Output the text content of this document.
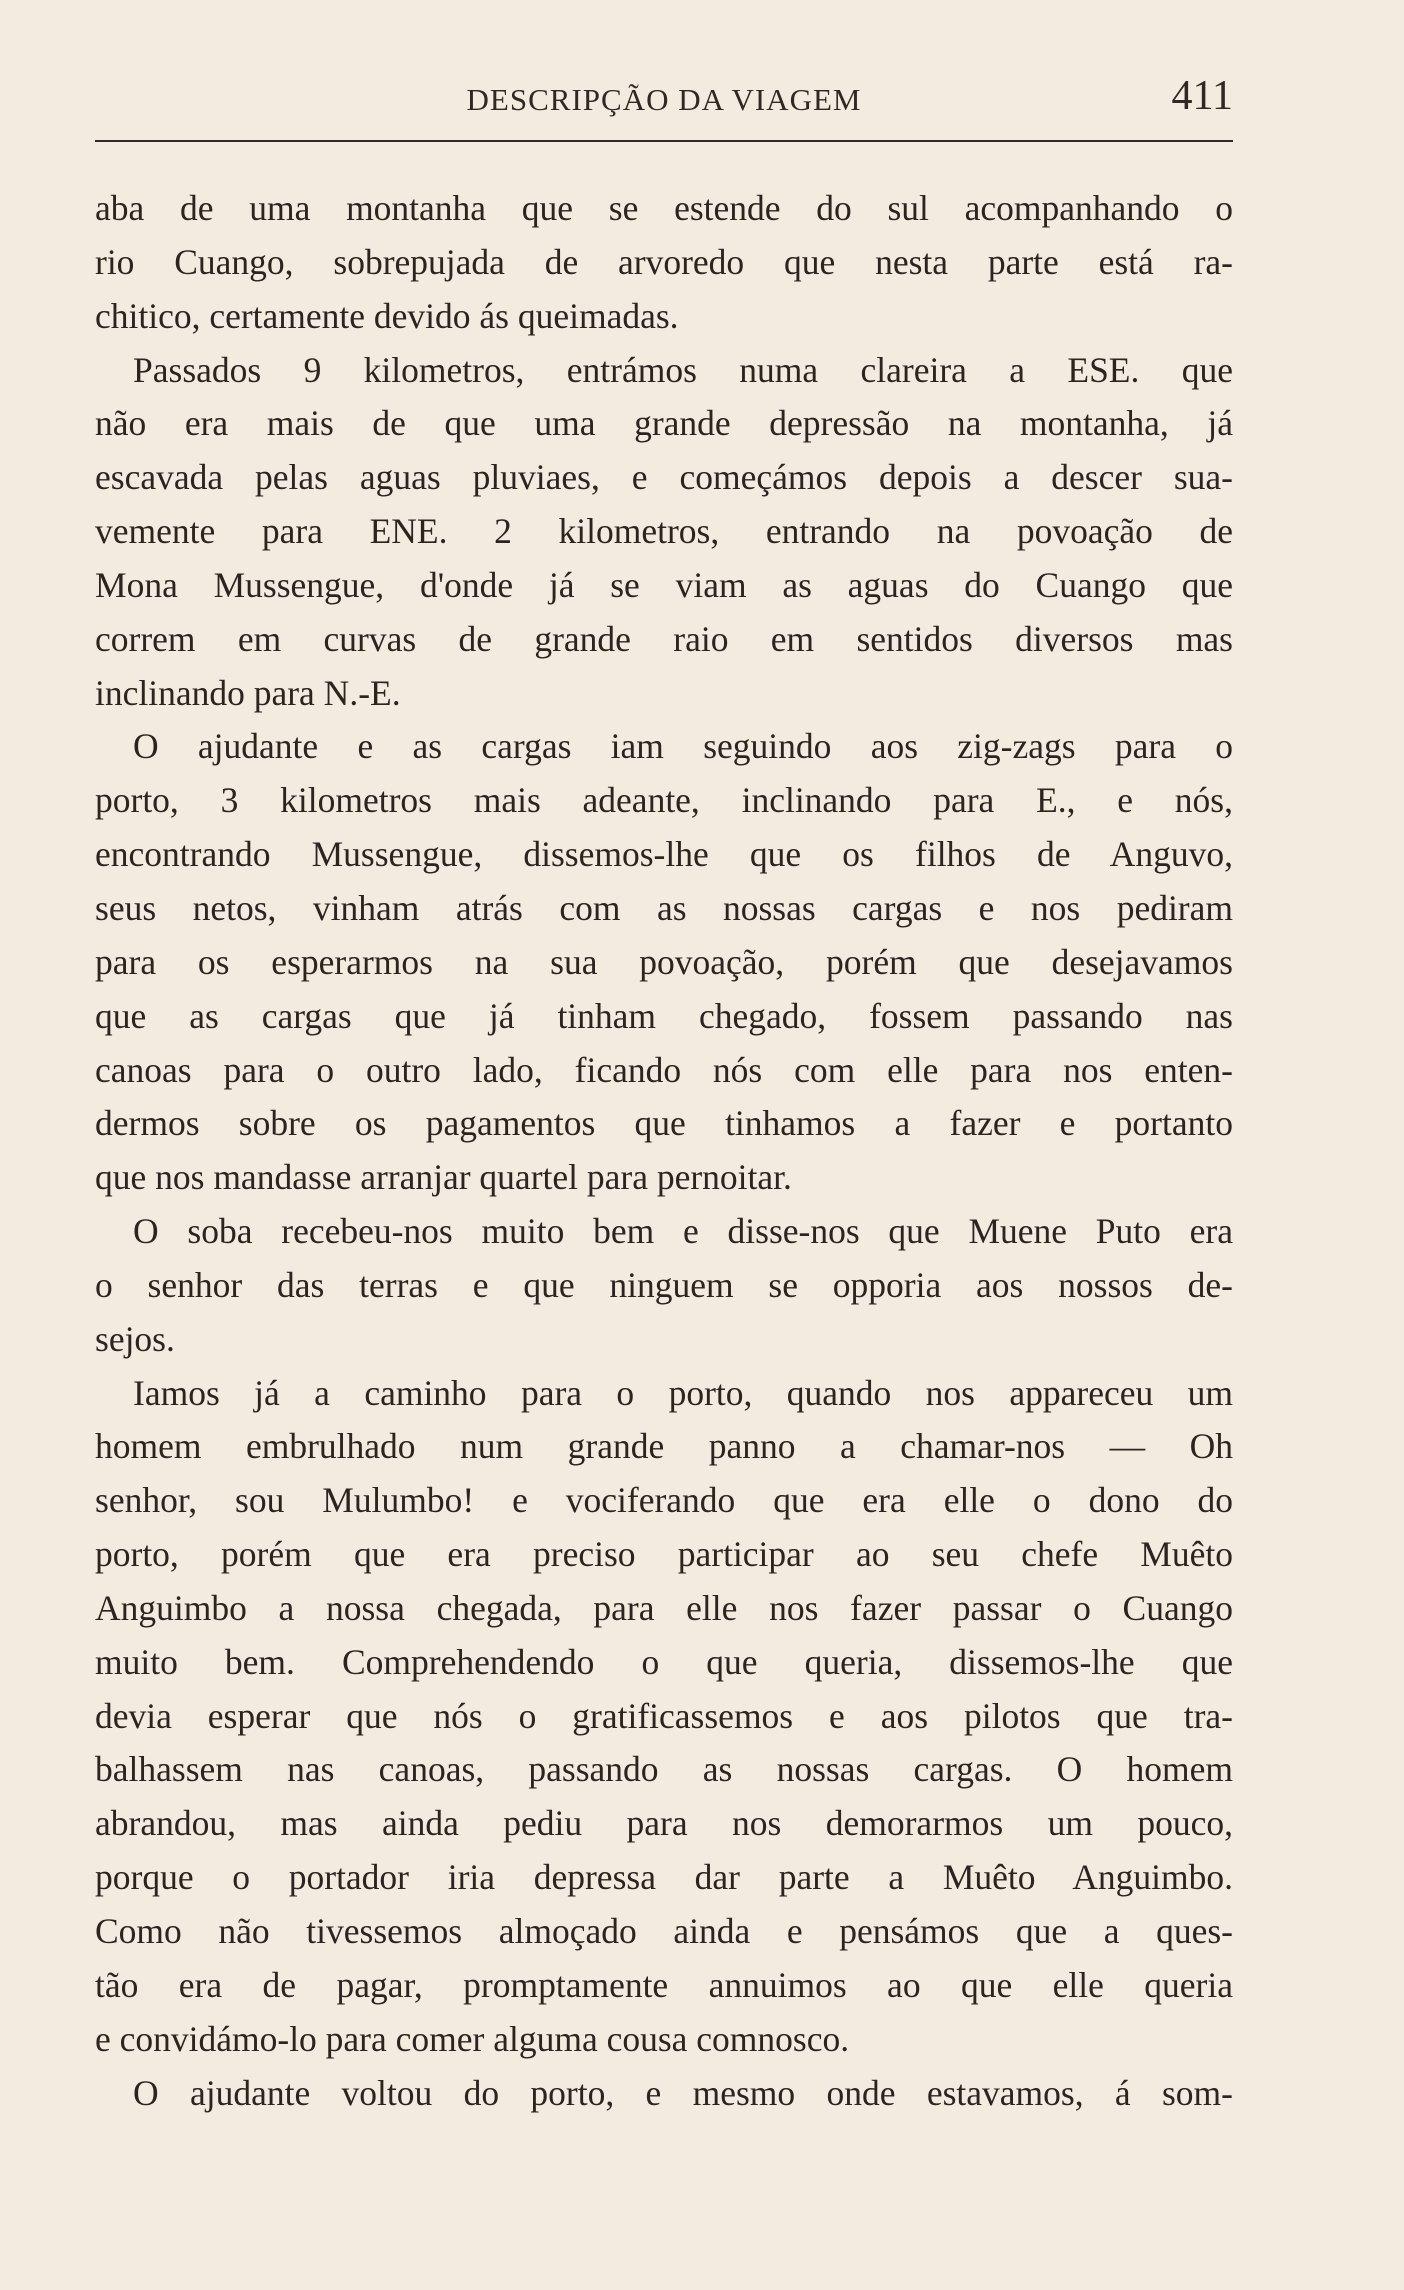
DESCRIPÇÃO DA VIAGEM	411
aba de uma montanha que se estende do sul acompanhando o
rio Cuango, sobrepujada de arvoredo que nesta parte está ra-
chitico, certamente devido ás queimadas.
Passados 9 kilometros, entrámos numa clareira a ESE. que
não era mais de que uma grande depressão na montanha, já
escavada pelas aguas pluviaes, e começámos depois a descer sua-
vemente para ENE. 2 kilometros, entrando na povoação de
Mona Mussengue, d'onde já se viam as aguas do Cuango que
correm em curvas de grande raio em sentidos diversos mas
inclinando para N.-E.
O ajudante e as cargas iam seguindo aos zig-zags para o
porto, 3 kilometros mais adeante, inclinando para E., e nós,
encontrando Mussengue, dissemos-lhe que os filhos de Anguvo,
seus netos, vinham atrás com as nossas cargas e nos pediram
para os esperarmos na sua povoação, porém que desejavamos
que as cargas que já tinham chegado, fossem passando nas
canoas para o outro lado, ficando nós com elle para nos enten-
dermos sobre os pagamentos que tinhamos a fazer e portanto
que nos mandasse arranjar quartel para pernoitar.
O soba recebeu-nos muito bem e disse-nos que Muene Puto era
o senhor das terras e que ninguem se opporia aos nossos de-
sejos.
Iamos já a caminho para o porto, quando nos appareceu um
homem embrulhado num grande panno a chamar-nos — Oh
senhor, sou Mulumbo! e vociferando que era elle o dono do
porto, porém que era preciso participar ao seu chefe Muêto
Anguimbo a nossa chegada, para elle nos fazer passar o Cuango
muito bem. Comprehendendo o que queria, dissemos-lhe que
devia esperar que nós o gratificassemos e aos pilotos que tra-
balhassem nas canoas, passando as nossas cargas. O homem
abrandou, mas ainda pediu para nos demorarmos um pouco,
porque o portador iria depressa dar parte a Muêto Anguimbo.
Como não tivessemos almoçado ainda e pensámos que a ques-
tão era de pagar, promptamente annuimos ao que elle queria
e convidámo-lo para comer alguma cousa comnosco.
O ajudante voltou do porto, e mesmo onde estavamos, á som-
